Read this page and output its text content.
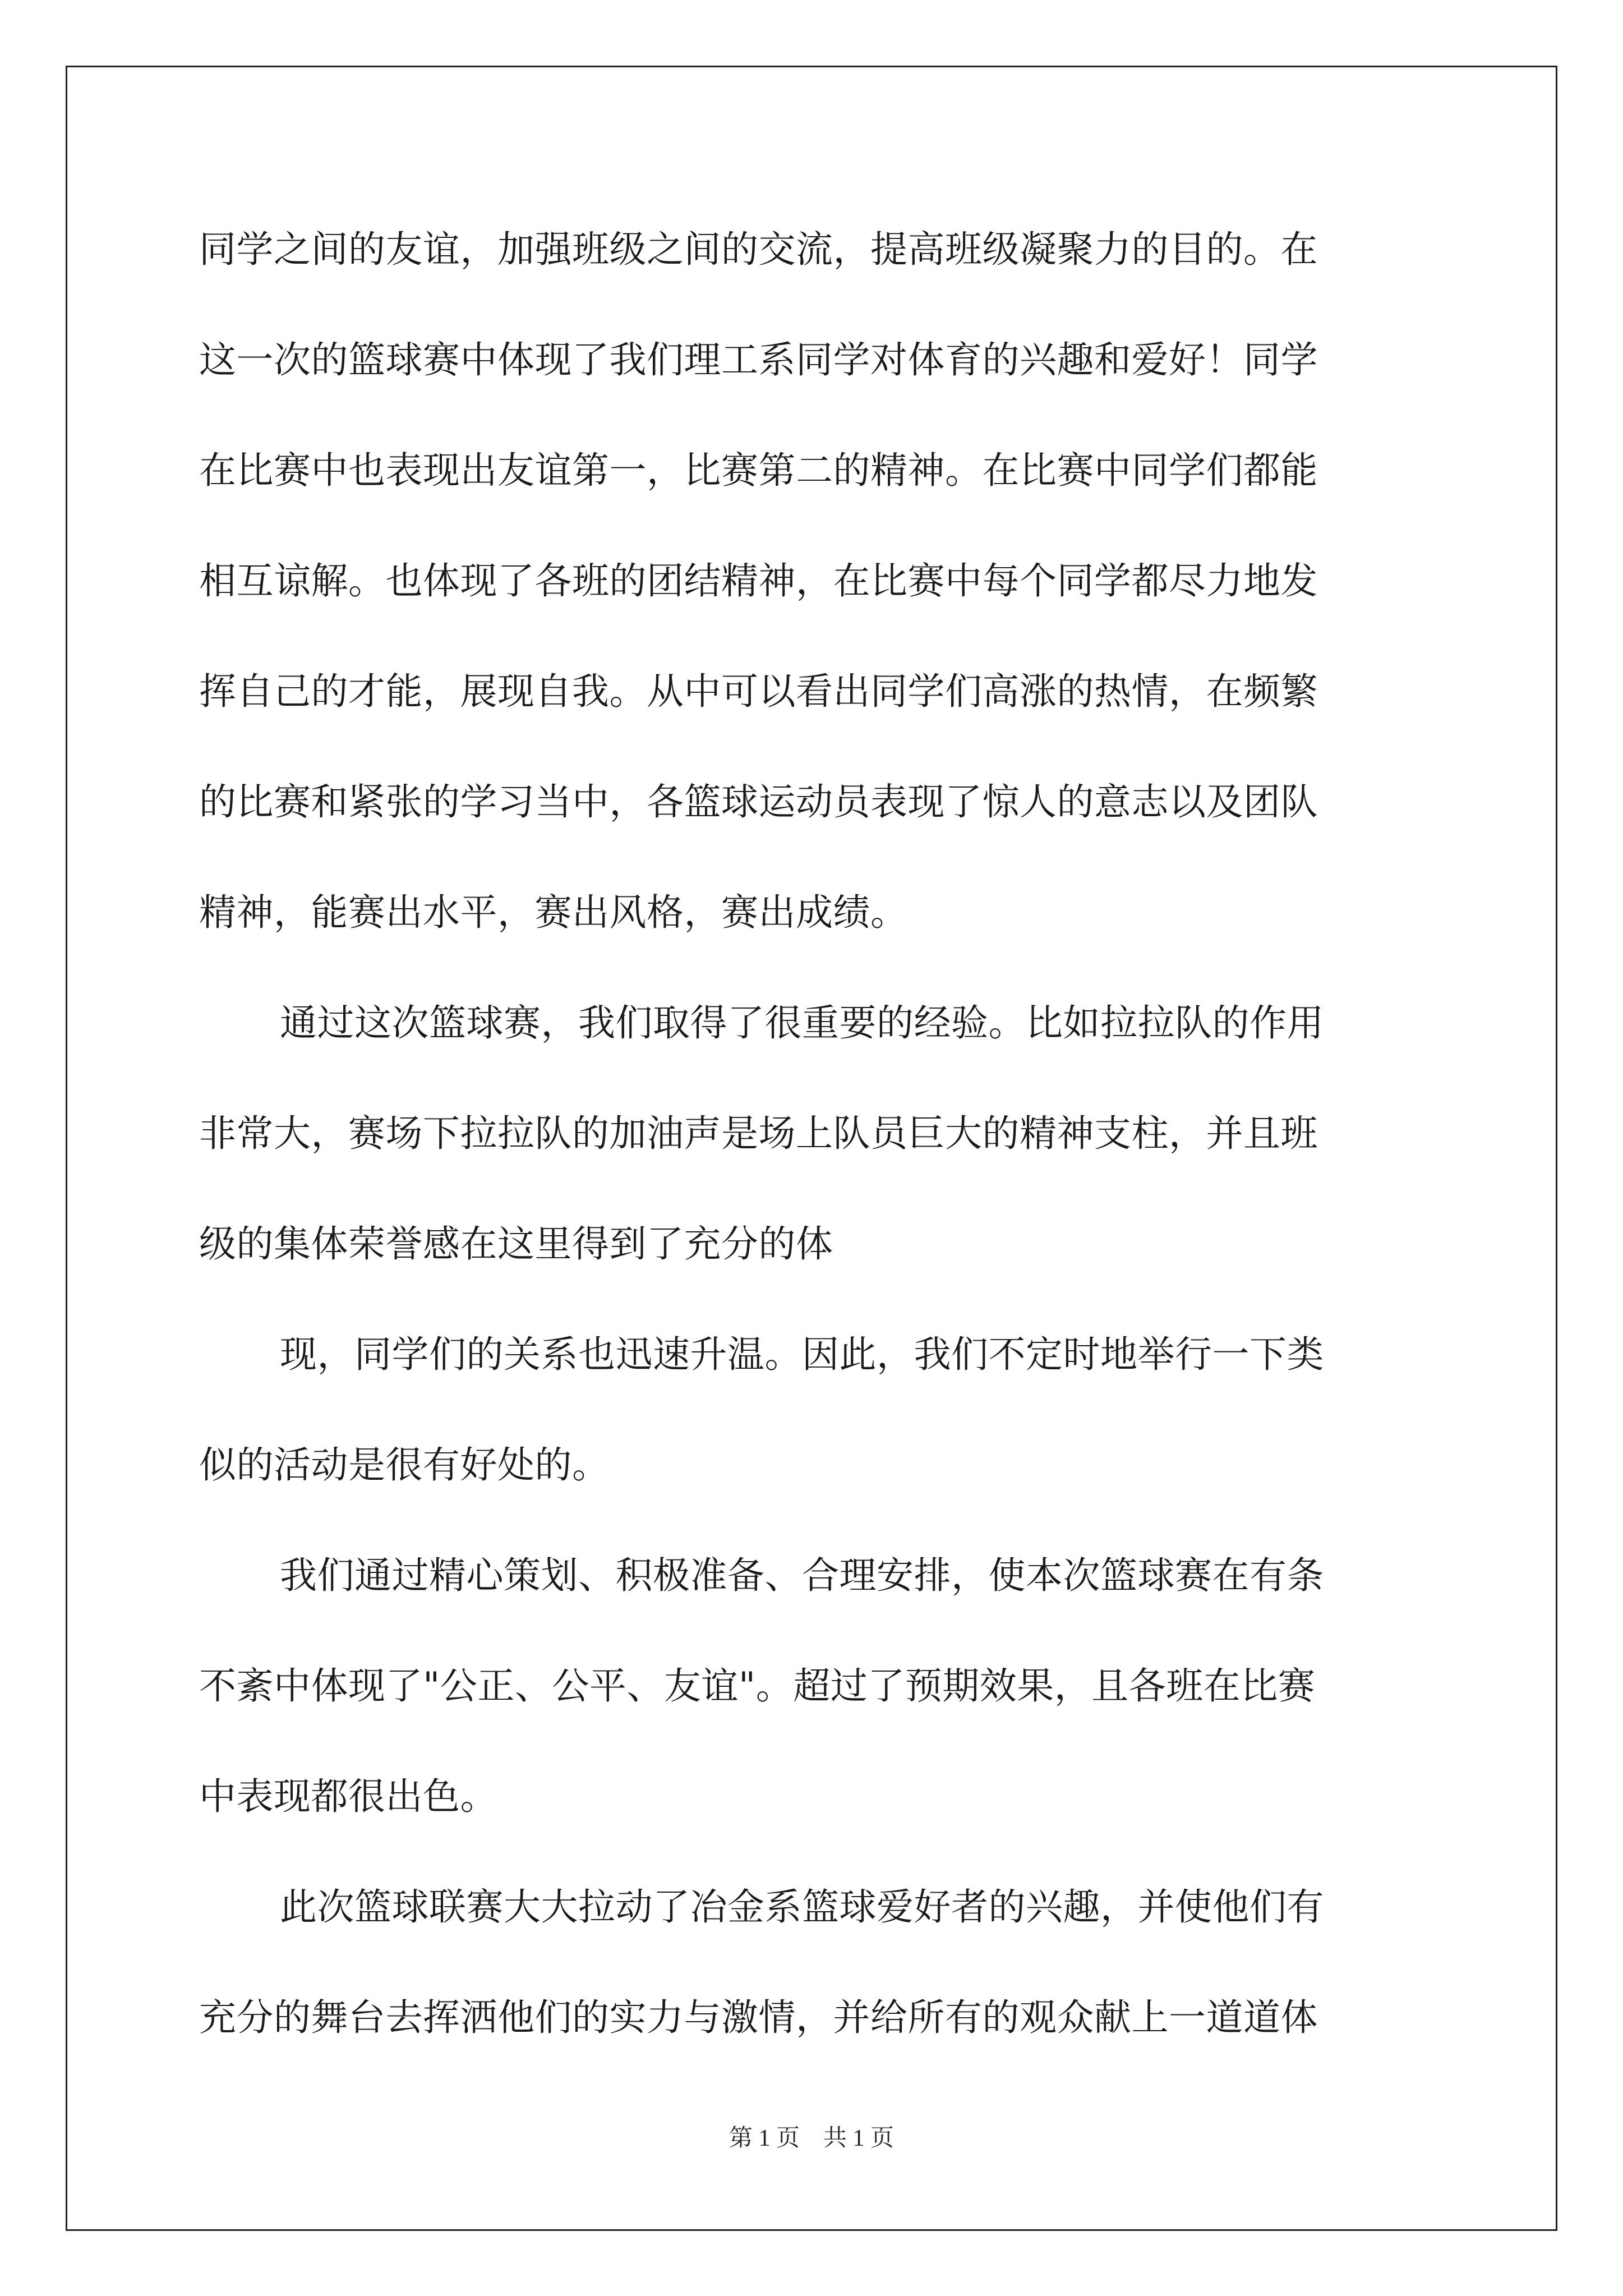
同学之间的友谊，加强班级之间的交流，提高班级凝聚力的目的。在
这一次的篮球赛中体现了我们理工系同学对体育的兴趣和爱好！同学
在比赛中也表现出友谊第一，比赛第二的精神。在比赛中同学们都能
相互谅解。也体现了各班的团结精神，在比赛中每个同学都尽力地发
挥自己的才能，展现自我。从中可以看出同学们高涨的热情，在频繁
的比赛和紧张的学习当中，各篮球运动员表现了惊人的意志以及团队
精神，能赛出水平，赛出风格，赛出成绩。
通过这次篮球赛，我们取得了很重要的经验。比如拉拉队的作用
非常大，赛场下拉拉队的加油声是场上队员巨大的精神支柱，并且班
级的集体荣誉感在这里得到了充分的体
现，同学们的关系也迅速升温。因此，我们不定时地举行一下类
似的活动是很有好处的。
我们通过精心策划、积极准备、合理安排，使本次篮球赛在有条
不紊中体现了"公正、公平、友谊"。超过了预期效果，且各班在比赛
中表现都很出色。
此次篮球联赛大大拉动了冶金系篮球爱好者的兴趣，并使他们有
充分的舞台去挥洒他们的实力与激情，并给所有的观众献上一道道体
第 1 页　共 1 页
